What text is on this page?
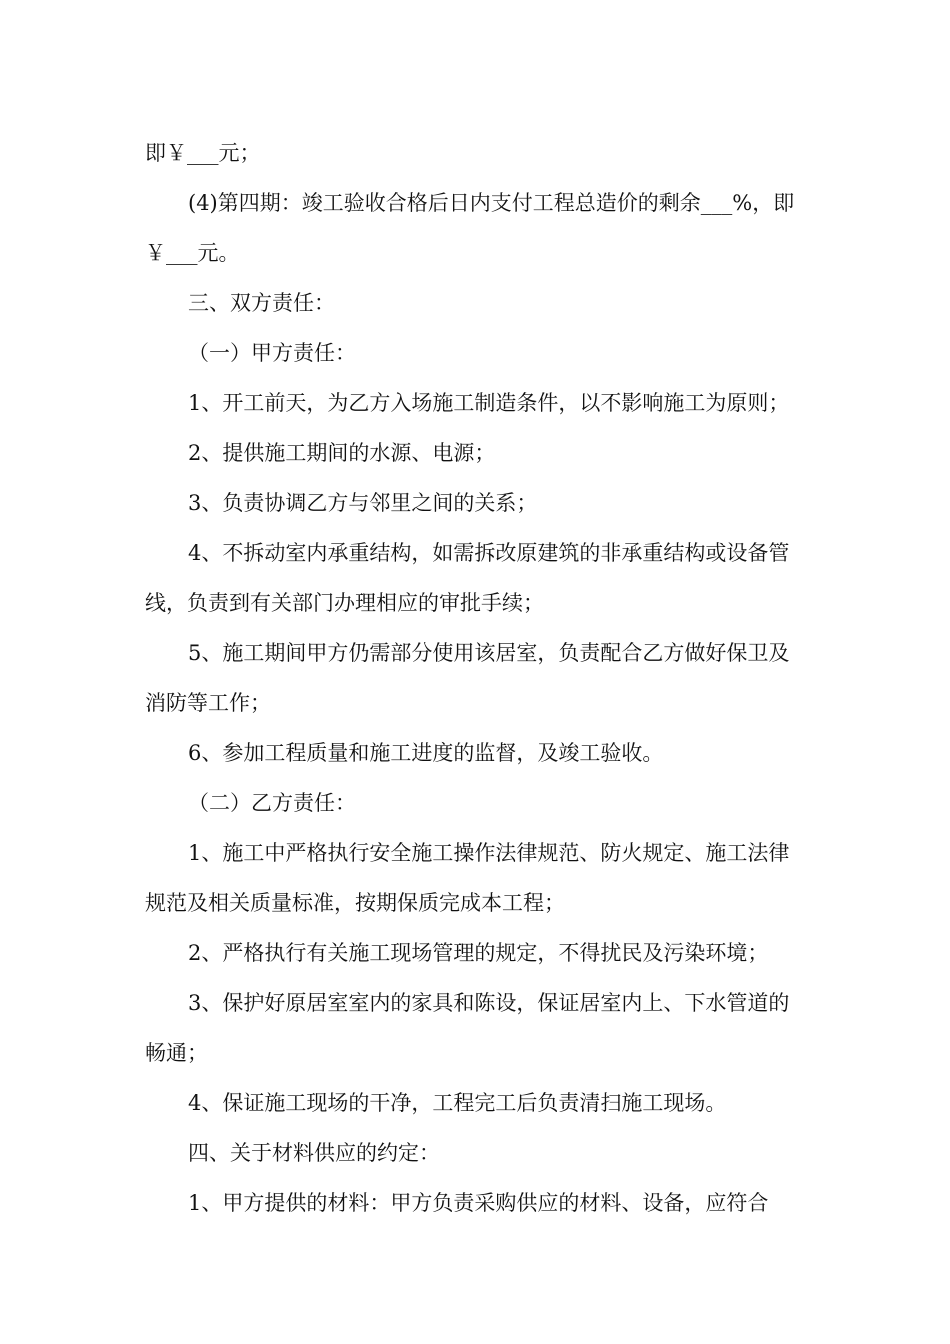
即￥___元；

(4)第四期：竣工验收合格后日内支付工程总造价的剩余___%，即￥___元。

三、双方责任：

（一）甲方责任：

1、开工前天，为乙方入场施工制造条件，以不影响施工为原则；

2、提供施工期间的水源、电源；

3、负责协调乙方与邻里之间的关系；

4、不拆动室内承重结构，如需拆改原建筑的非承重结构或设备管线，负责到有关部门办理相应的审批手续；

5、施工期间甲方仍需部分使用该居室，负责配合乙方做好保卫及消防等工作；

6、参加工程质量和施工进度的监督，及竣工验收。

（二）乙方责任：

1、施工中严格执行安全施工操作法律规范、防火规定、施工法律规范及相关质量标准，按期保质完成本工程；

2、严格执行有关施工现场管理的规定，不得扰民及污染环境；

3、保护好原居室室内的家具和陈设，保证居室内上、下水管道的畅通；

4、保证施工现场的干净，工程完工后负责清扫施工现场。

四、关于材料供应的约定：

1、甲方提供的材料：甲方负责采购供应的材料、设备，应符合
